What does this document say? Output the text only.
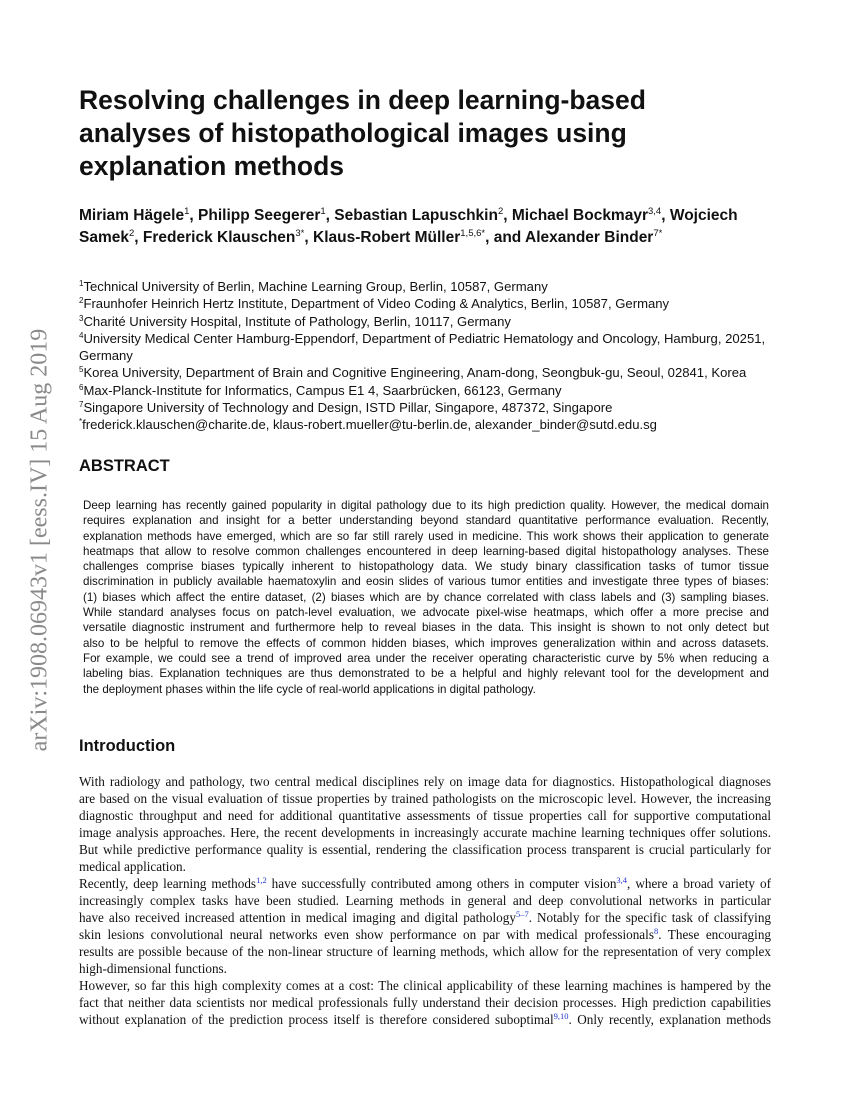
arXiv:1908.06943v1 [eess.IV] 15 Aug 2019
Resolving challenges in deep learning-based
analyses of histopathological images using
explanation methods
Miriam Hägele$^1$, Philipp Seegerer$^1$, Sebastian Lapuschkin$^2$, Michael Bockmayr$^{3,4}$, Wojciech Samek$^2$, Frederick Klauschen$^{3*}$, Klaus-Robert Müller$^{1,5,6*}$, and Alexander Binder$^{7*}$
$^1$Technical University of Berlin, Machine Learning Group, Berlin, 10587, Germany
$^2$Fraunhofer Heinrich Hertz Institute, Department of Video Coding & Analytics, Berlin, 10587, Germany
$^3$Charité University Hospital, Institute of Pathology, Berlin, 10117, Germany
$^4$University Medical Center Hamburg-Eppendorf, Department of Pediatric Hematology and Oncology, Hamburg, 20251, Germany
$^5$Korea University, Department of Brain and Cognitive Engineering, Anam-dong, Seongbuk-gu, Seoul, 02841, Korea
$^6$Max-Planck-Institute for Informatics, Campus E1 4, Saarbrücken, 66123, Germany
$^7$Singapore University of Technology and Design, ISTD Pillar, Singapore, 487372, Singapore
*frederick.klauschen@charite.de, klaus-robert.mueller@tu-berlin.de, alexander_binder@sutd.edu.sg
ABSTRACT
Deep learning has recently gained popularity in digital pathology due to its high prediction quality. However, the medical domain
requires explanation and insight for a better understanding beyond standard quantitative performance evaluation. Recently,
explanation methods have emerged, which are so far still rarely used in medicine. This work shows their application to generate
heatmaps that allow to resolve common challenges encountered in deep learning-based digital histopathology analyses. These
challenges comprise biases typically inherent to histopathology data. We study binary classification tasks of tumor tissue
discrimination in publicly available haematoxylin and eosin slides of various tumor entities and investigate three types of biases:
(1) biases which affect the entire dataset, (2) biases which are by chance correlated with class labels and (3) sampling biases.
While standard analyses focus on patch-level evaluation, we advocate pixel-wise heatmaps, which offer a more precise and
versatile diagnostic instrument and furthermore help to reveal biases in the data. This insight is shown to not only detect but
also to be helpful to remove the effects of common hidden biases, which improves generalization within and across datasets.
For example, we could see a trend of improved area under the receiver operating characteristic curve by 5% when reducing a
labeling bias. Explanation techniques are thus demonstrated to be a helpful and highly relevant tool for the development and
the deployment phases within the life cycle of real-world applications in digital pathology.
Introduction
With radiology and pathology, two central medical disciplines rely on image data for diagnostics. Histopathological diagnoses
are based on the visual evaluation of tissue properties by trained pathologists on the microscopic level. However, the increasing
diagnostic throughput and need for additional quantitative assessments of tissue properties call for supportive computational
image analysis approaches. Here, the recent developments in increasingly accurate machine learning techniques offer solutions.
But while predictive performance quality is essential, rendering the classification process transparent is crucial particularly for
medical application.
Recently, deep learning methods$^{1,2}$ have successfully contributed among others in computer vision$^{3,4}$, where a broad variety of
increasingly complex tasks have been studied. Learning methods in general and deep convolutional networks in particular
have also received increased attention in medical imaging and digital pathology$^{5-7}$. Notably for the specific task of classifying
skin lesions convolutional neural networks even show performance on par with medical professionals$^8$. These encouraging
results are possible because of the non-linear structure of learning methods, which allow for the representation of very complex
high-dimensional functions.
However, so far this high complexity comes at a cost: The clinical applicability of these learning machines is hampered by the
fact that neither data scientists nor medical professionals fully understand their decision processes. High prediction capabilities
without explanation of the prediction process itself is therefore considered suboptimal$^{9,10}$. Only recently, explanation methods
